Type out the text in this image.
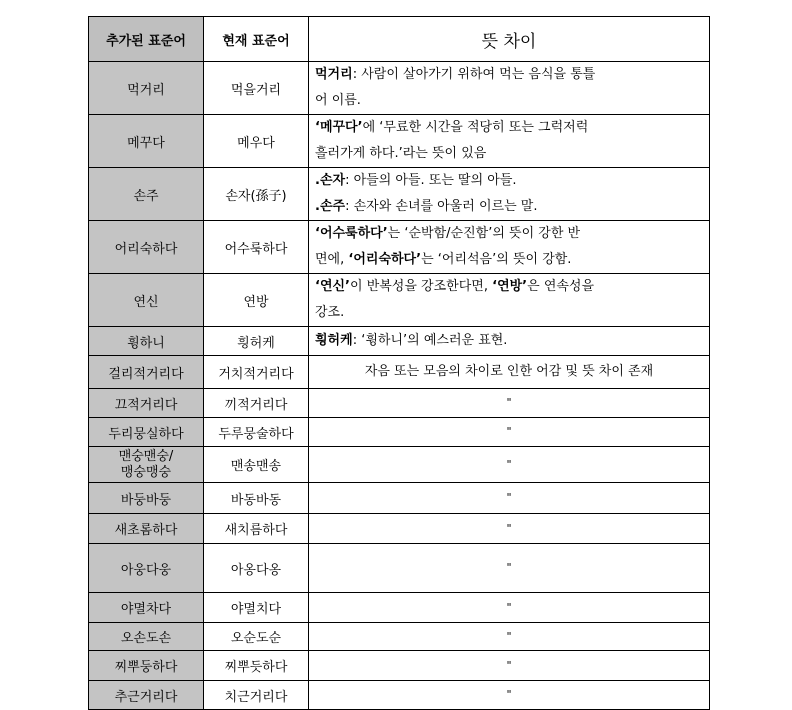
추가된 표준어	현재 표준어	뜻 차이
먹거리	먹을거리	먹거리: 사람이 살아가기 위하여 먹는 음식을 통틀
어 이름.

메꾸다	메우다	‘메꾸다’에 ‘무료한 시간을 적당히 또는 그럭저럭
흘러가게 하다.’라는 뜻이 있음

손주	손자(孫子)	.손자: 아들의 아들. 또는 딸의 아들.
.손주: 손자와 손녀를 아울러 이르는 말.

어리숙하다	어수룩하다	‘어수룩하다’는 ‘순박함/순진함’의 뜻이 강한 반
면에, ‘어리숙하다’는 ‘어리석음’의 뜻이 강함.

연신	연방	‘연신’이 반복성을 강조한다면, ‘연방’은 연속성을
강조.

휭하니	힁허케	힁허케: ‘휭하니’의 예스러운 표현.

걸리적거리다	거치적거리다	자음 또는 모음의 차이로 인한 어감 및 뜻 차이 존재
끄적거리다	끼적거리다	"
두리뭉실하다	두루뭉술하다	"
맨숭맨숭/
맹숭맹숭	맨송맨송	"
바둥바둥	바동바동	"
새초롬하다	새치름하다	"
아웅다웅	아옹다옹	"
야멸차다	야멸치다	"
오손도손	오순도순	"
찌뿌둥하다	찌뿌듯하다	"
추근거리다	치근거리다	"
